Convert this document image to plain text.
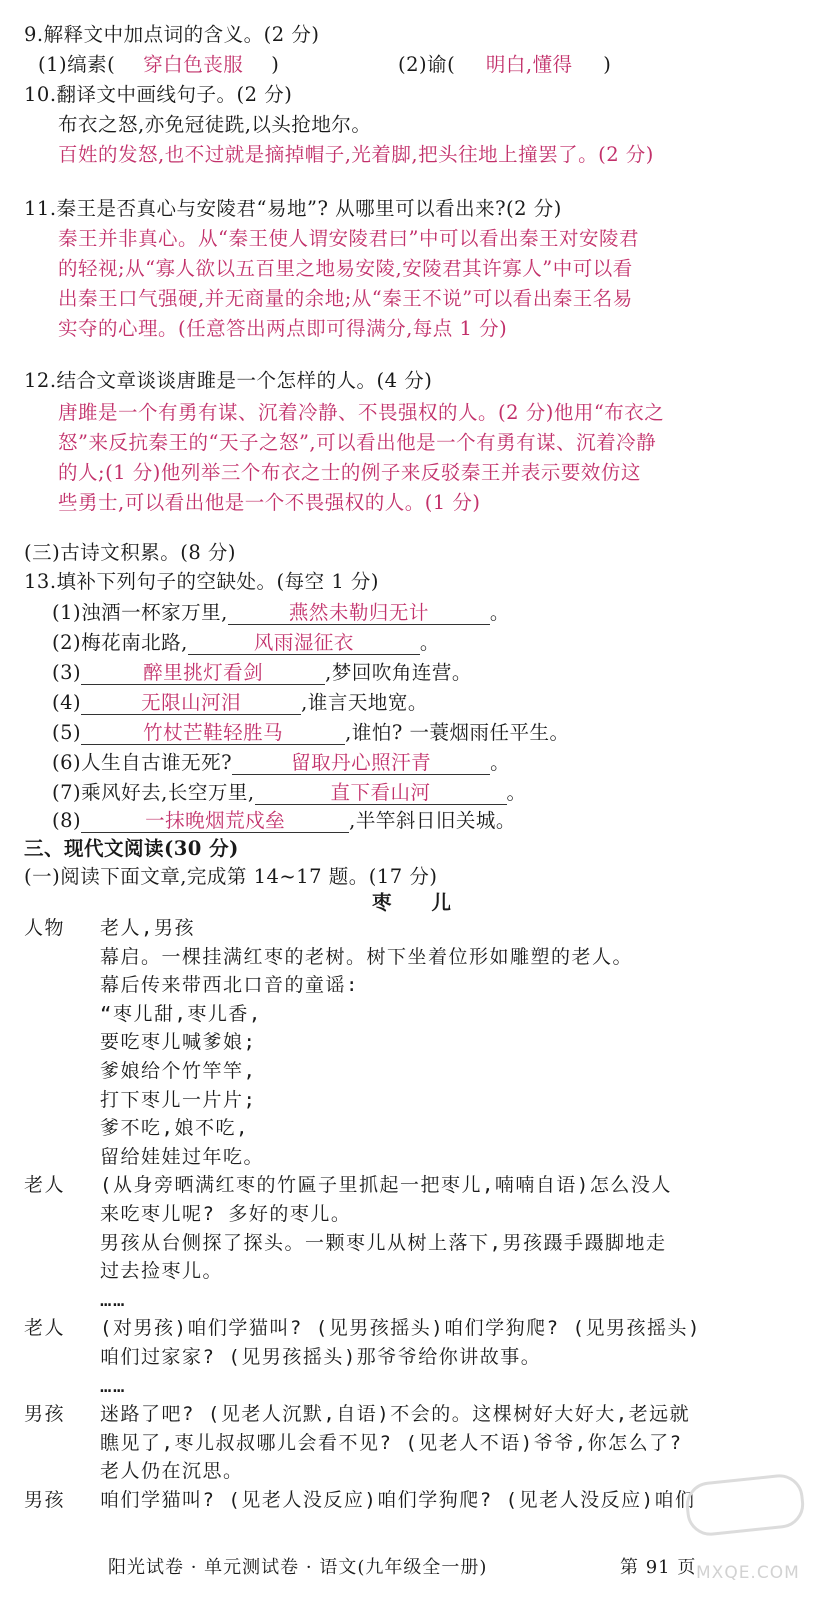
9.解释文中加点词的含义。(2 分)
(1)缟素( 穿白色丧服 )	(2)谕( 明白,懂得 )
10.翻译文中画线句子。(2 分)
布衣之怒,亦免冠徒跣,以头抢地尔。
百姓的发怒,也不过就是摘掉帽子,光着脚,把头往地上撞罢了。(2 分)
11.秦王是否真心与安陵君“易地”? 从哪里可以看出来?(2 分)
秦王并非真心。从“秦王使人谓安陵君曰”中可以看出秦王对安陵君
的轻视;从“寡人欲以五百里之地易安陵,安陵君其许寡人”中可以看
出秦王口气强硬,并无商量的余地;从“秦王不说”可以看出秦王名易
实夺的心理。(任意答出两点即可得满分,每点 1 分)
12.结合文章谈谈唐雎是一个怎样的人。(4 分)
唐雎是一个有勇有谋、沉着冷静、不畏强权的人。(2 分)他用“布衣之
怒”来反抗秦王的“天子之怒”,可以看出他是一个有勇有谋、沉着冷静
的人;(1 分)他列举三个布衣之士的例子来反驳秦王并表示要效仿这
些勇士,可以看出他是一个不畏强权的人。(1 分)
(三)古诗文积累。(8 分)
13.填补下列句子的空缺处。(每空 1 分)
(1)浊酒一杯家万里,	燕然未勒归无计	。
(2)梅花南北路,	风雨湿征衣	。
(3)	醉里挑灯看剑	,梦回吹角连营。
(4)	无限山河泪	,谁言天地宽。
(5)	竹杖芒鞋轻胜马	,谁怕? 一蓑烟雨任平生。
(6)人生自古谁无死?	留取丹心照汗青	。
(7)乘风好去,长空万里,	直下看山河	。
(8)	一抹晚烟荒戍垒	,半竿斜日旧关城。
三、现代文阅读(30 分)
(一)阅读下面文章,完成第 14~17 题。(17 分)
枣儿
人物 老人,男孩
幕启。一棵挂满红枣的老树。树下坐着位形如雕塑的老人。
幕后传来带西北口音的童谣:
“枣儿甜,枣儿香,
要吃枣儿喊爹娘;
爹娘给个竹竿竿,
打下枣儿一片片;
爹不吃,娘不吃,
留给娃娃过年吃。
老人 (从身旁晒满红枣的竹匾子里抓起一把枣儿,喃喃自语)怎么没人
来吃枣儿呢? 多好的枣儿。
男孩从台侧探了探头。一颗枣儿从树上落下,男孩蹑手蹑脚地走
过去捡枣儿。
……
老人 (对男孩)咱们学猫叫? (见男孩摇头)咱们学狗爬? (见男孩摇头)
咱们过家家? (见男孩摇头)那爷爷给你讲故事。
……
男孩 迷路了吧? (见老人沉默,自语)不会的。这棵树好大好大,老远就
瞧见了,枣儿叔叔哪儿会看不见? (见老人不语)爷爷,你怎么了?
老人仍在沉思。
男孩 咱们学猫叫? (见老人没反应)咱们学狗爬? (见老人没反应)咱们
阳光试卷 · 单元测试卷 · 语文(九年级全一册)	第 91 页 MXQE.COM
